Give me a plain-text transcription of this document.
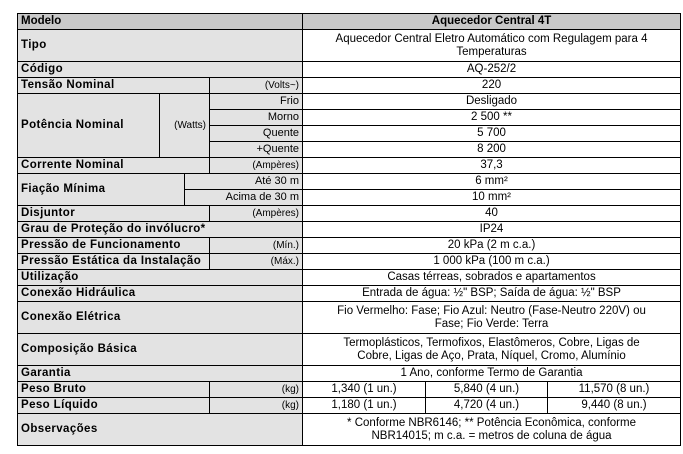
Modelo				Aquecedor Central 4T		
Tipo				Aquecedor Central Eletro Automático com Regulagem para 4
Temperaturas		
Código				AQ-252/2		
Tensão Nominal			(Volts~)	220		
Potência Nominal	(Watts)		Frio	Desligado		
			Morno	2 500 **		
			Quente	5 700		
			+Quente	8 200		
Corrente Nominal			(Ampères)	37,3		
Fiação Mínima		Até 30 m		6 mm²		
		Acima de 30 m		10 mm²		
Disjuntor			(Ampères)	40		
Grau de Proteção do invólucro*				IP24		
Pressão de Funcionamento			(Mín.)	20 kPa (2 m c.a.)		
Pressão Estática da Instalação			(Máx.)	1 000 kPa (100 m c.a.)		
Utilização				Casas térreas, sobrados e apartamentos		
Conexão Hidráulica				Entrada de água: ½" BSP; Saída de água: ½" BSP		
Conexão Elétrica				Fio Vermelho: Fase; Fio Azul: Neutro (Fase-Neutro 220V) ou
Fase; Fio Verde: Terra		
Composição Básica				Termoplásticos, Termofixos, Elastômeros, Cobre, Ligas de
Cobre, Ligas de Aço, Prata, Níquel, Cromo, Alumínio		
Garantia				1 Ano, conforme Termo de Garantia		
Peso Bruto			(kg)	1,340 (1 un.)	5,840 (4 un.)	11,570 (8 un.)
Peso Líquido			(kg)	1,180 (1 un.)	4,720 (4 un.)	9,440 (8 un.)
Observações				* Conforme NBR6146; ** Potência Econômica, conforme
NBR14015; m c.a. = metros de coluna de água		
